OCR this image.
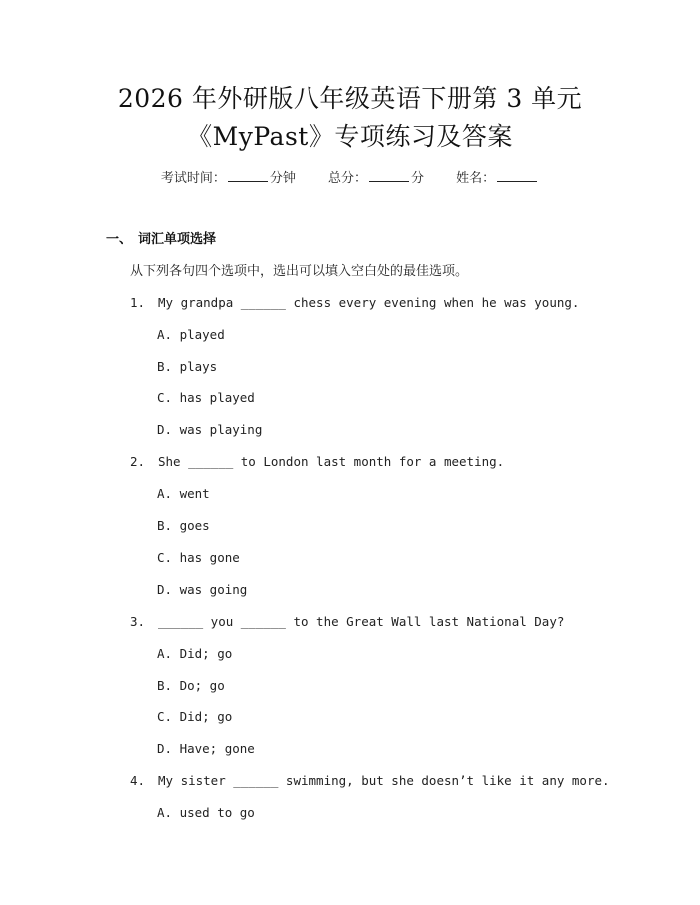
2026 年外研版八年级英语下册第 3 单元
《MyPast》专项练习及答案
考试时间：	分钟 总分：	分 姓名：
一、 词汇单项选择
从下列各句四个选项中，选出可以填入空白处的最佳选项。
1. My grandpa ______ chess every evening when he was young.
A. played
B. plays
C. has played
D. was playing
2. She ______ to London last month for a meeting.
A. went
B. goes
C. has gone
D. was going
3. ______ you ______ to the Great Wall last National Day?
A. Did; go
B. Do; go
C. Did; go
D. Have; gone
4. My sister ______ swimming, but she doesn’t like it any more.
A. used to go
